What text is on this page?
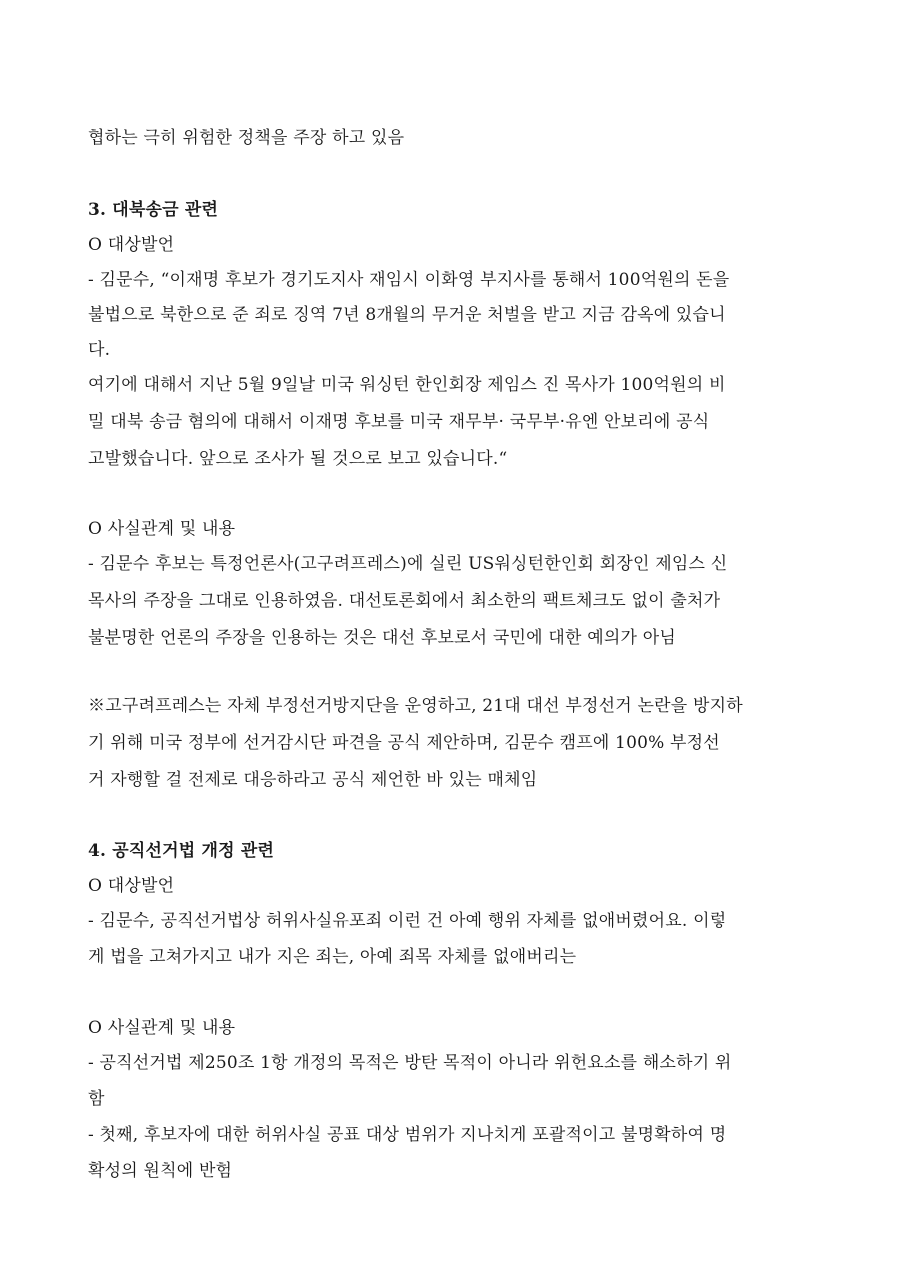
협하는 극히 위험한 정책을 주장 하고 있음
3. 대북송금 관련
O 대상발언
- 김문수, “이재명 후보가 경기도지사 재임시 이화영 부지사를 통해서 100억원의 돈을
불법으로 북한으로 준 죄로 징역 7년 8개월의 무거운 처벌을 받고 지금 감옥에 있습니
다.
여기에 대해서 지난 5월 9일날 미국 워싱턴 한인회장 제임스 진 목사가 100억원의 비
밀 대북 송금 혐의에 대해서 이재명 후보를 미국 재무부· 국무부·유엔 안보리에 공식
고발했습니다. 앞으로 조사가 될 것으로 보고 있습니다.“
O 사실관계 및 내용
- 김문수 후보는 특정언론사(고구려프레스)에 실린 US워싱턴한인회 회장인 제임스 신
목사의 주장을 그대로 인용하였음. 대선토론회에서 최소한의 팩트체크도 없이 출처가
불분명한 언론의 주장을 인용하는 것은 대선 후보로서 국민에 대한 예의가 아님
※고구려프레스는 자체 부정선거방지단을 운영하고, 21대 대선 부정선거 논란을 방지하
기 위해 미국 정부에 선거감시단 파견을 공식 제안하며, 김문수 캠프에 100% 부정선
거 자행할 걸 전제로 대응하라고 공식 제언한 바 있는 매체임
4. 공직선거법 개정 관련
O 대상발언
- 김문수, 공직선거법상 허위사실유포죄 이런 건 아예 행위 자체를 없애버렸어요. 이렇
게 법을 고쳐가지고 내가 지은 죄는, 아예 죄목 자체를 없애버리는
O 사실관계 및 내용
- 공직선거법 제250조 1항 개정의 목적은 방탄 목적이 아니라 위헌요소를 해소하기 위
함
- 첫째, 후보자에 대한 허위사실 공표 대상 범위가 지나치게 포괄적이고 불명확하여 명
확성의 원칙에 반험
